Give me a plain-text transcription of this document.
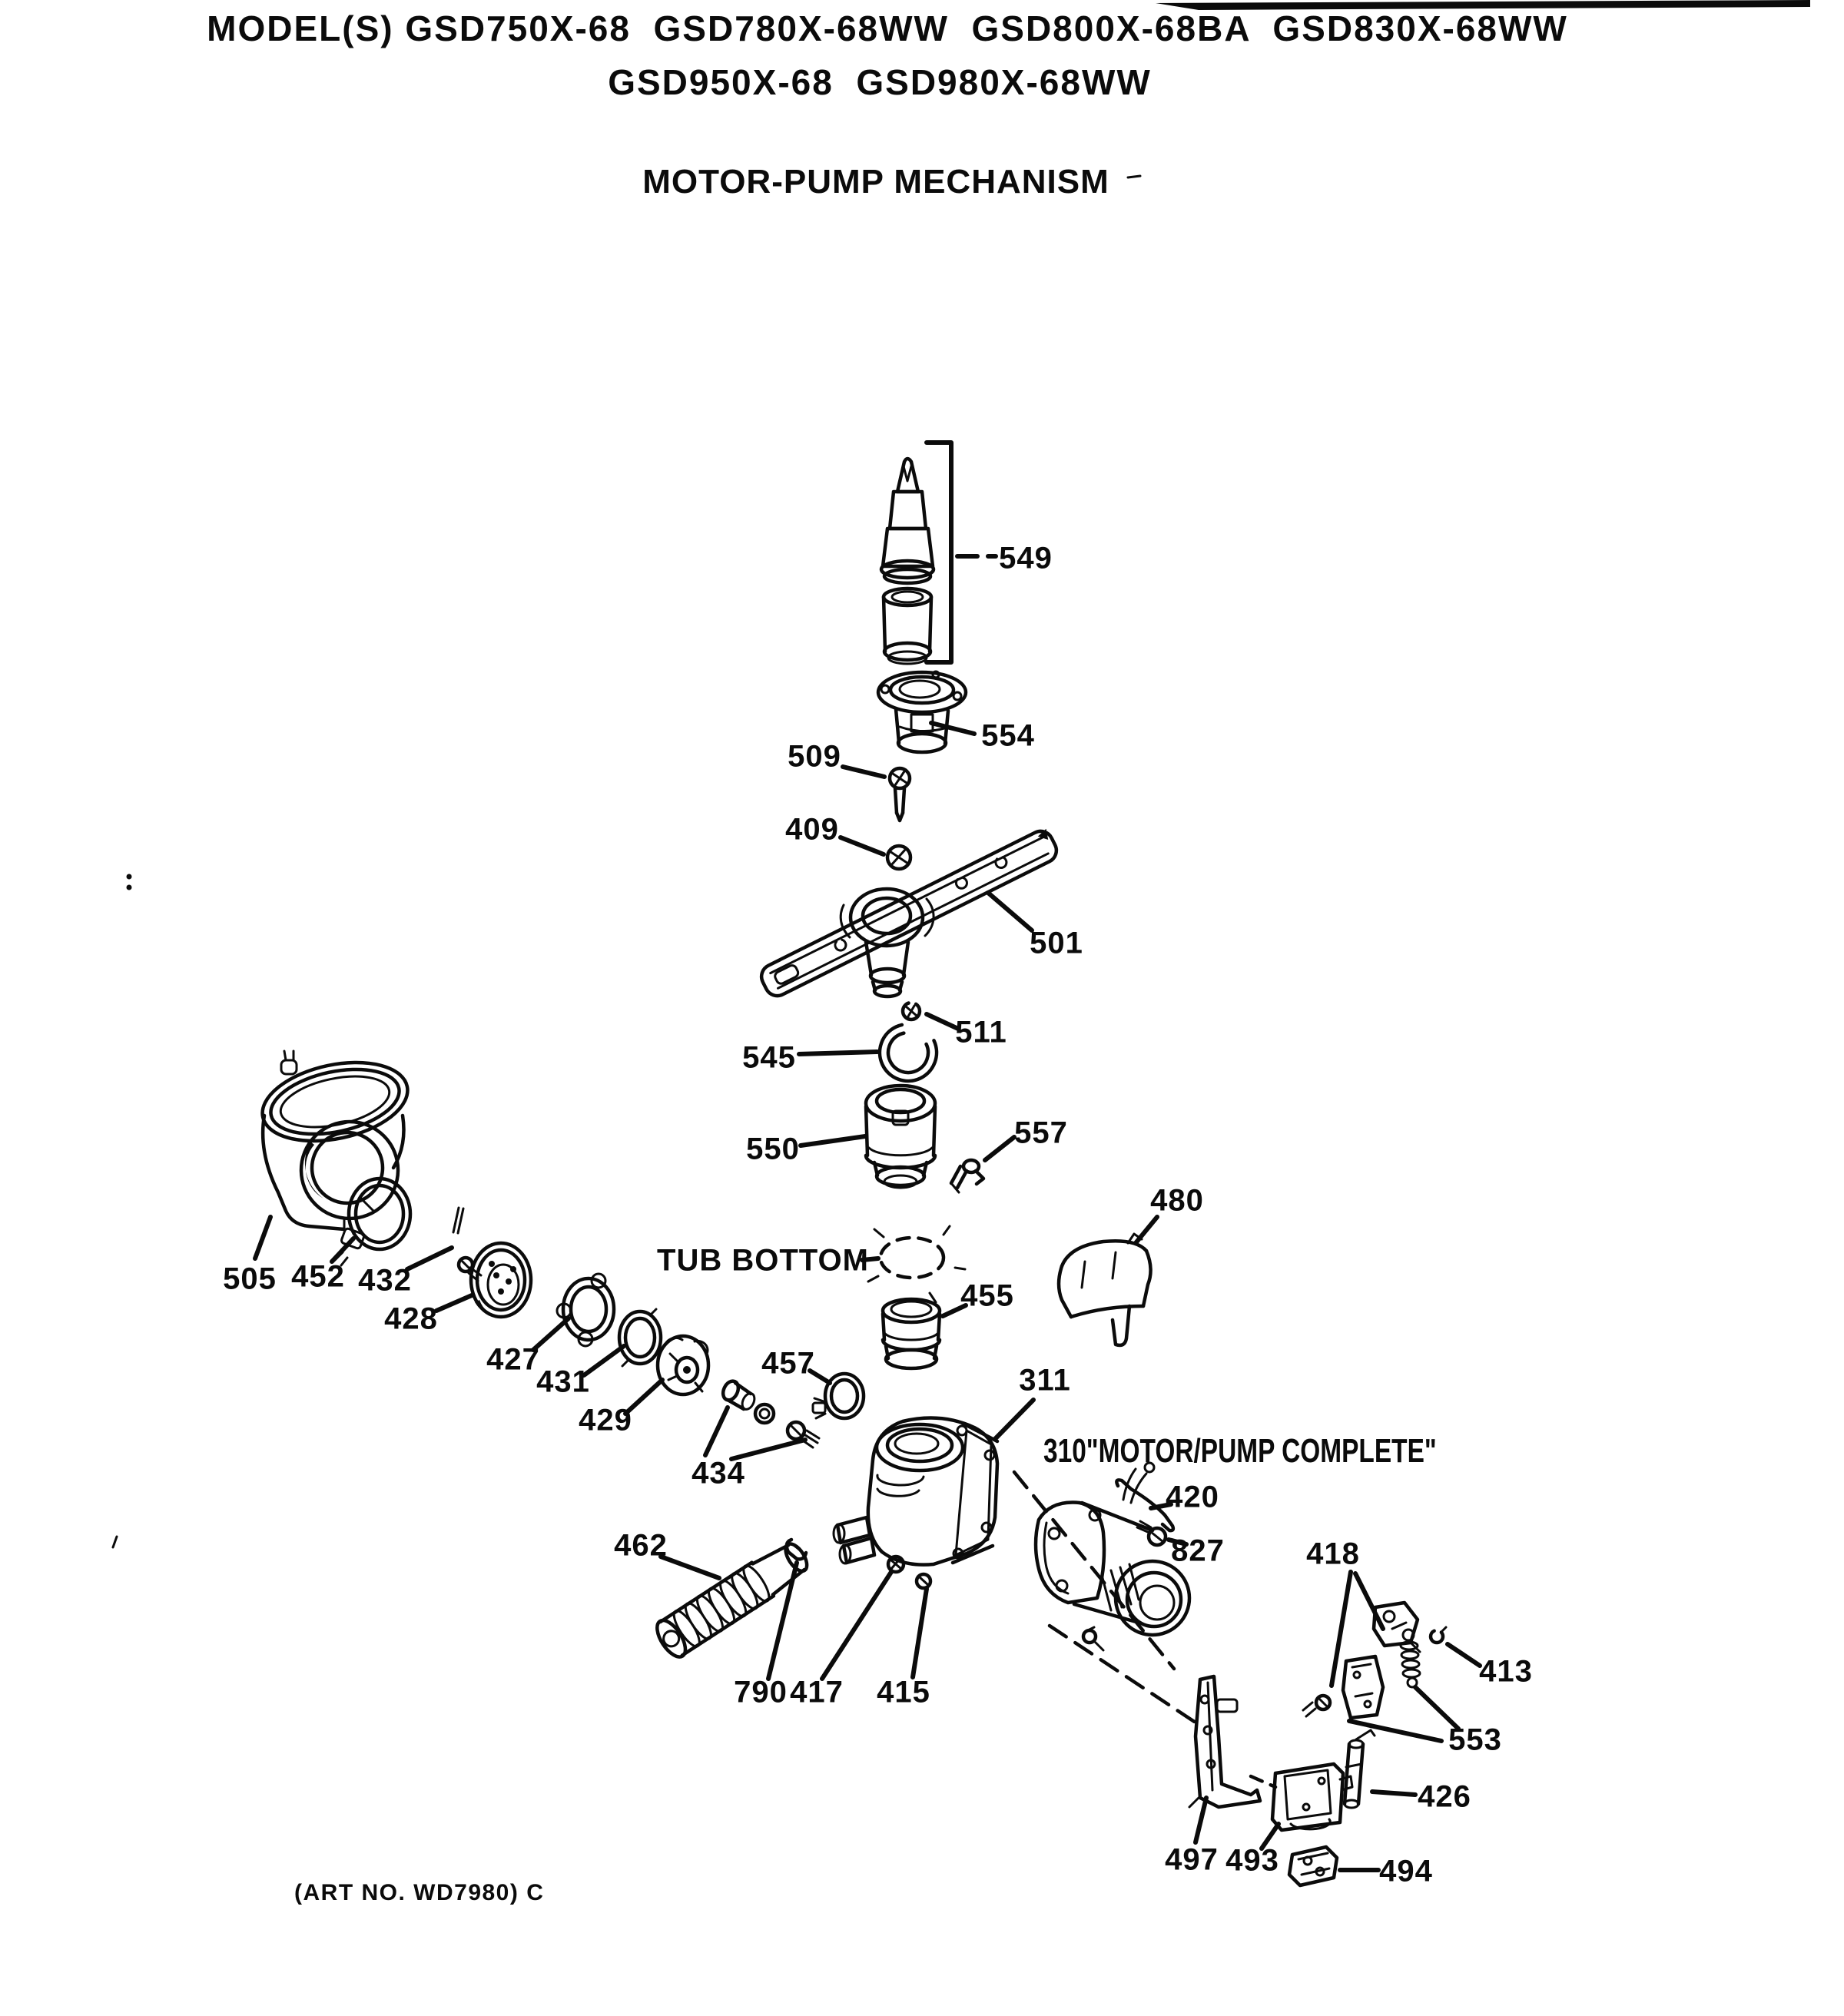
MODEL(S) GSD750X-68  GSD780X-68WW  GSD800X-68BA  GSD830X-68WW
GSD950X-68  GSD980X-68WW
MOTOR-PUMP MECHANISM
TUB BOTTOM
310"MOTOR/PUMP COMPLETE"
549
554
509
409
501
511
545
550	557
480
455
457
505 452 432
428
427
431
429
434
311
420
827	418
413
462
790 417 415
553
426
497 493	494
(ART NO. WD7980) C
